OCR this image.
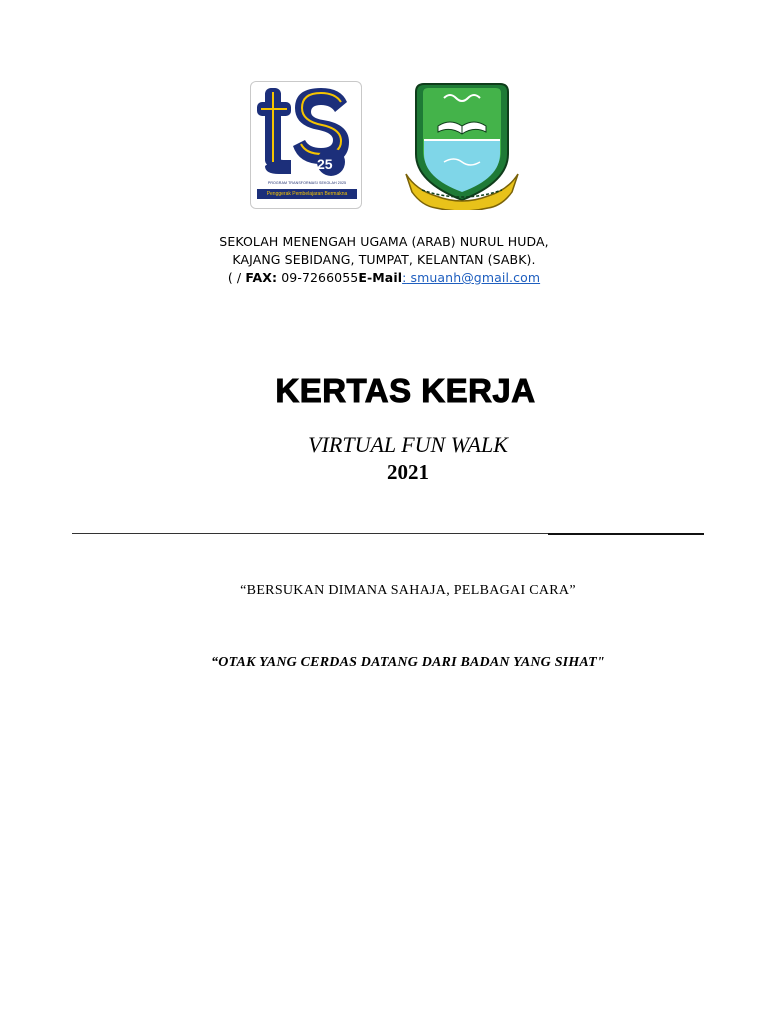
25
PROGRAM TRANSFORMASI SEKOLAH 2025
Penggerak Pembelajaran Bermakna
SEKOLAH MENENGAH UGAMA (ARAB) NURUL HUDA,
KAJANG SEBIDANG, TUMPAT, KELANTAN (SABK).
( / FAX: 09-7266055E-Mail: smuanh@gmail.com
KERTAS KERJA
VIRTUAL FUN WALK
2021
“BERSUKAN DIMANA SAHAJA, PELBAGAI CARA”
“OTAK YANG CERDAS DATANG DARI BADAN YANG SIHAT"
